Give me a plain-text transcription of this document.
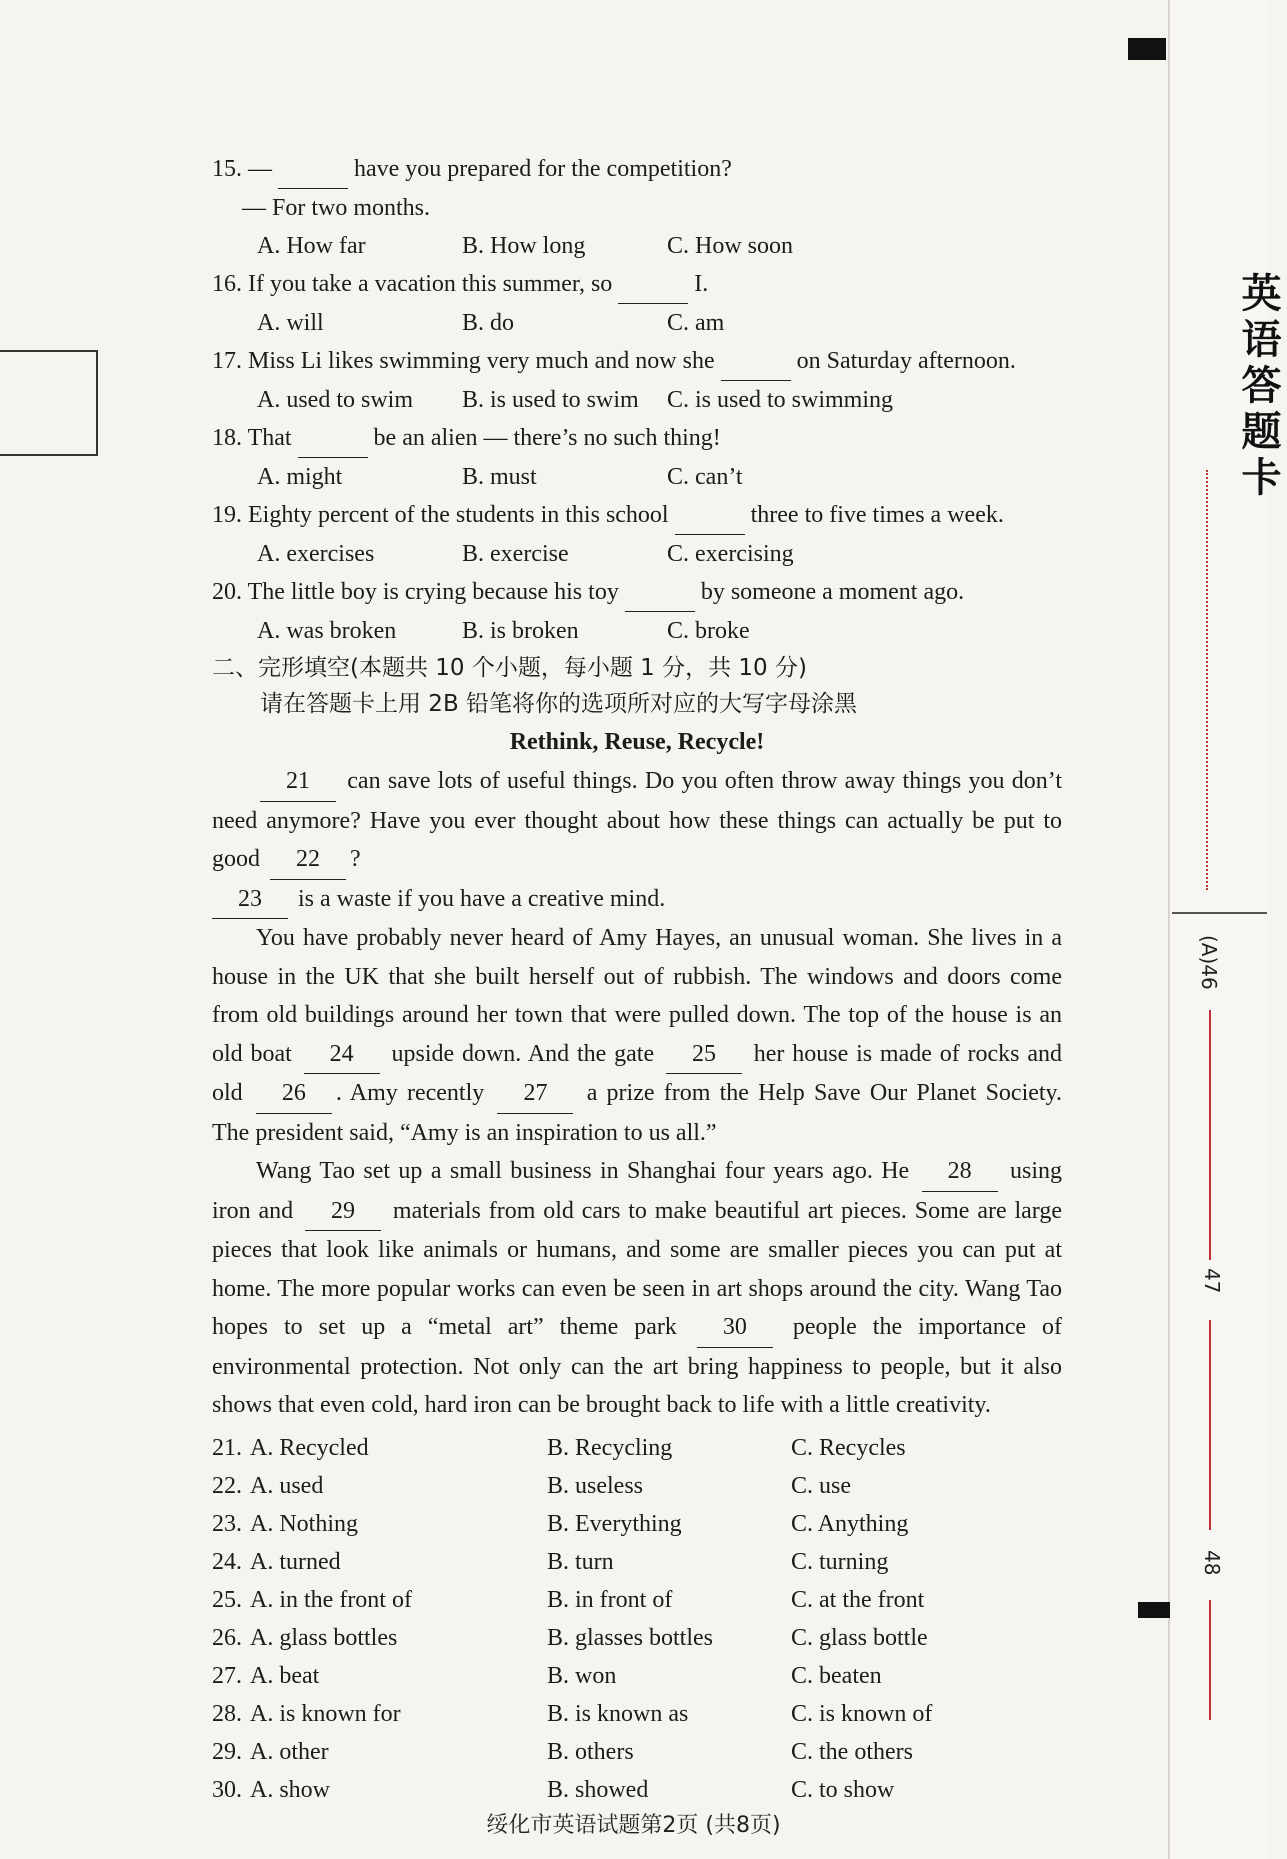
英语答题卡
(A)46
47
48
15. —	have you prepared for the competition?
— For two months.
A. How far	B. How long	C. How soon
16. If you take a vacation this summer, so	I.
A. will	B. do	C. am
17. Miss Li likes swimming very much and now she	on Saturday afternoon.
A. used to swim	B. is used to swim	C. is used to swimming
18. That	be an alien — there’s no such thing!
A. might	B. must	C. can’t
19. Eighty percent of the students in this school	three to five times a week.
A. exercises	B. exercise	C. exercising
20. The little boy is crying because his toy	by someone a moment ago.
A. was broken	B. is broken	C. broke
二、完形填空(本题共 10 个小题，每小题 1 分，共 10 分)
请在答题卡上用 2B 铅笔将你的选项所对应的大写字母涂黑
Rethink, Reuse, Recycle!
21 can save lots of useful things. Do you often throw away things you don’t need anymore? Have you ever thought about how these things can actually be put to good 22 ?
23 is a waste if you have a creative mind.
You have probably never heard of Amy Hayes, an unusual woman. She lives in a house in the UK that she built herself out of rubbish. The windows and doors come from old buildings around her town that were pulled down. The top of the house is an old boat 24 upside down. And the gate 25 her house is made of rocks and old 26 . Amy recently 27 a prize from the Help Save Our Planet Society. The president said, “Amy is an inspiration to us all.”
Wang Tao set up a small business in Shanghai four years ago. He 28 using iron and 29 materials from old cars to make beautiful art pieces. Some are large pieces that look like animals or humans, and some are smaller pieces you can put at home. The more popular works can even be seen in art shops around the city. Wang Tao hopes to set up a “metal art” theme park 30 people the importance of environmental protection. Not only can the art bring happiness to people, but it also shows that even cold, hard iron can be brought back to life with a little creativity.
21. A. Recycled	B. Recycling	C. Recycles
22. A. used	B. useless	C. use
23. A. Nothing	B. Everything	C. Anything
24. A. turned	B. turn	C. turning
25. A. in the front of	B. in front of	C. at the front
26. A. glass bottles	B. glasses bottles	C. glass bottle
27. A. beat	B. won	C. beaten
28. A. is known for	B. is known as	C. is known of
29. A. other	B. others	C. the others
30. A. show	B. showed	C. to show
绥化市英语试题第2页 (共8页)
